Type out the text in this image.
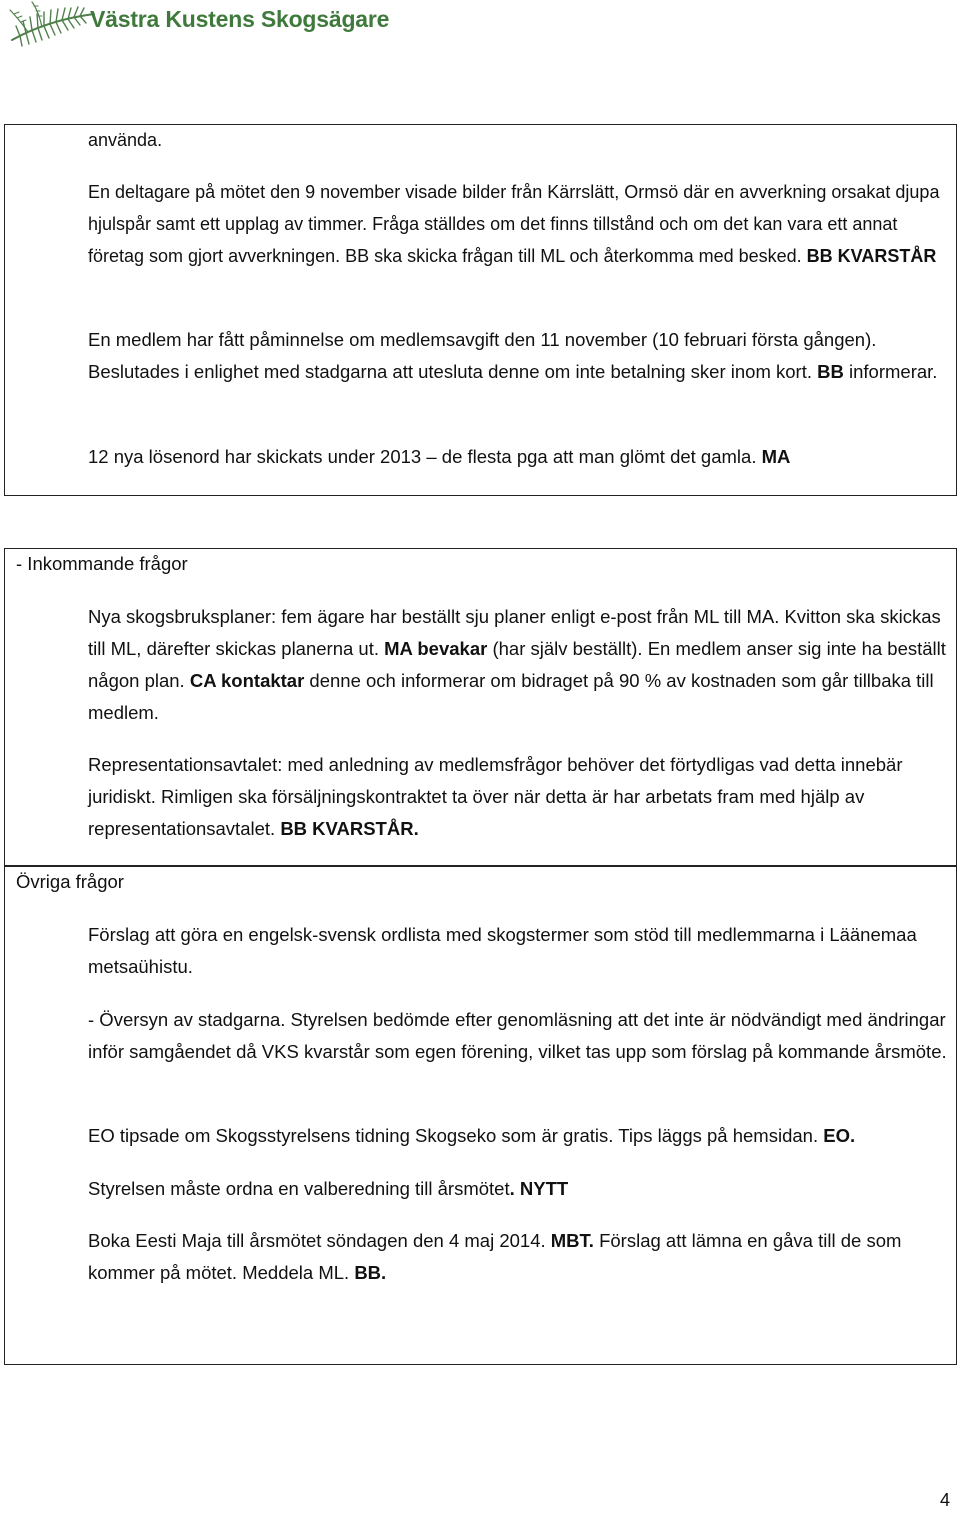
Västra Kustens Skogsägare

använda.

En deltagare på mötet den 9 november visade bilder från Kärrslätt, Ormsö där en avverkning orsakat djupa hjulspår samt ett upplag av timmer. Fråga ställdes om det finns tillstånd och om det kan vara ett annat företag som gjort avverkningen. BB ska skicka frågan till ML och återkomma med besked. BB KVARSTÅR

En medlem har fått påminnelse om medlemsavgift den 11 november (10 februari första gången). Beslutades i enlighet med stadgarna att utesluta denne om inte betalning sker inom kort. BB informerar.

12 nya lösenord har skickats under 2013 – de flesta pga att man glömt det gamla. MA

- Inkommande frågor

Nya skogsbruksplaner: fem ägare har beställt sju planer enligt e-post från ML till MA. Kvitton ska skickas till ML, därefter skickas planerna ut. MA bevakar (har själv beställt). En medlem anser sig inte ha beställt någon plan. CA kontaktar denne och informerar om bidraget på 90 % av kostnaden som går tillbaka till medlem.

Representationsavtalet: med anledning av medlemsfrågor behöver det förtydligas vad detta innebär juridiskt. Rimligen ska försäljningskontraktet ta över när detta är har arbetats fram med hjälp av representationsavtalet. BB KVARSTÅR.

Övriga frågor

Förslag att göra en engelsk-svensk ordlista med skogstermer som stöd till medlemmarna i Läänemaa metsaühistu.

- Översyn av stadgarna. Styrelsen bedömde efter genomläsning att det inte är nödvändigt med ändringar inför samgåendet då VKS kvarstår som egen förening, vilket tas upp som förslag på kommande årsmöte.

EO tipsade om Skogsstyrelsens tidning Skogseko som är gratis. Tips läggs på hemsidan. EO.

Styrelsen måste ordna en valberedning till årsmötet. NYTT

Boka Eesti Maja till årsmötet söndagen den 4 maj 2014. MBT. Förslag att lämna en gåva till de som kommer på mötet. Meddela ML. BB.

4
